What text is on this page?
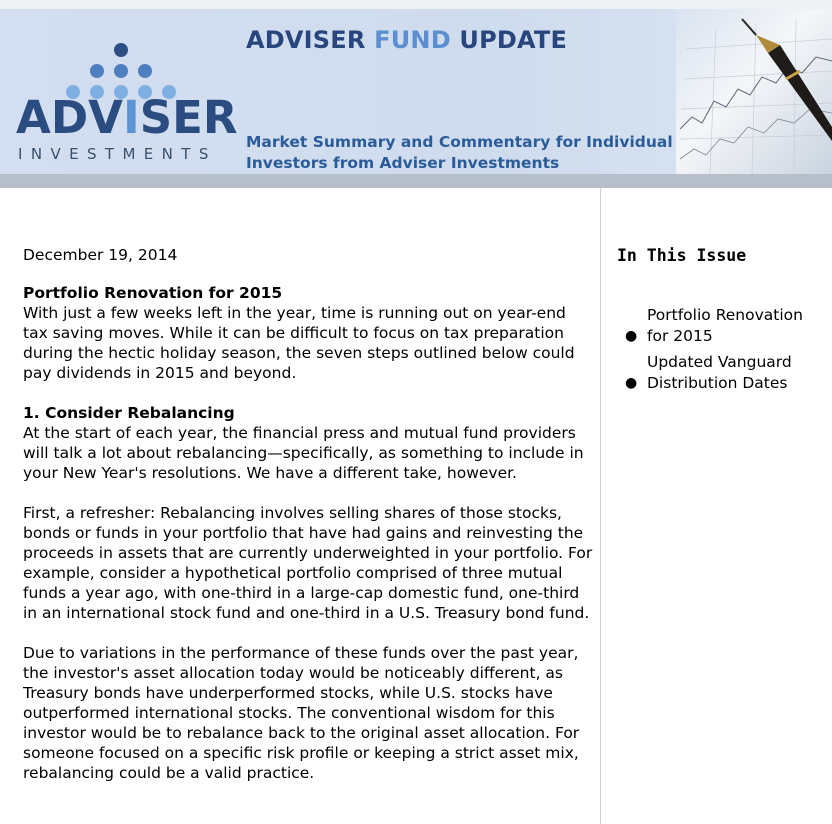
ADVISER
INVESTMENTS
ADVISER FUND UPDATE

Market Summary and Commentary for Individual
Investors from Adviser Investments

December 19, 2014

Portfolio Renovation for 2015
With just a few weeks left in the year, time is running out on year-end tax saving moves. While it can be difficult to focus on tax preparation during the hectic holiday season, the seven steps outlined below could pay dividends in 2015 and beyond.

1. Consider Rebalancing
At the start of each year, the financial press and mutual fund providers will talk a lot about rebalancing—specifically, as something to include in your New Year's resolutions. We have a different take, however.

First, a refresher: Rebalancing involves selling shares of those stocks, bonds or funds in your portfolio that have had gains and reinvesting the proceeds in assets that are currently underweighted in your portfolio. For example, consider a hypothetical portfolio comprised of three mutual funds a year ago, with one-third in a large-cap domestic fund, one-third in an international stock fund and one-third in a U.S. Treasury bond fund.

Due to variations in the performance of these funds over the past year, the investor's asset allocation today would be noticeably different, as Treasury bonds have underperformed stocks, while U.S. stocks have outperformed international stocks. The conventional wisdom for this investor would be to rebalance back to the original asset allocation. For someone focused on a specific risk profile or keeping a strict asset mix, rebalancing could be a valid practice.

In This Issue

●
Portfolio Renovation for 2015
●
Updated Vanguard Distribution Dates
